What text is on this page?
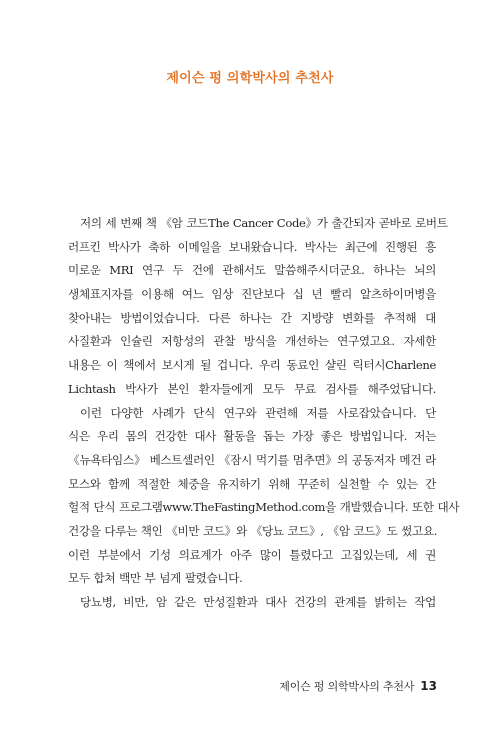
제이슨 펑 의학박사의 추천사
저의 세 번째 책 《암 코드The Cancer Code》가 출간되자 곧바로 로버트
러프킨 박사가 축하 이메일을 보내왔습니다. 박사는 최근에 진행된 흥
미로운 MRI 연구 두 건에 관해서도 말씀해주시더군요. 하나는 뇌의
생체표지자를 이용해 여느 임상 진단보다 십 년 빨리 알츠하이머병을
찾아내는 방법이었습니다. 다른 하나는 간 지방량 변화를 추적해 대
사질환과 인슐린 저항성의 관찰 방식을 개선하는 연구였고요. 자세한
내용은 이 책에서 보시게 될 겁니다. 우리 동료인 샬린 릭터시Charlene
Lichtash 박사가 본인 환자들에게 모두 무료 검사를 해주었답니다.
이런 다양한 사례가 단식 연구와 관련해 저를 사로잡았습니다. 단
식은 우리 몸의 건강한 대사 활동을 돕는 가장 좋은 방법입니다. 저는
《뉴욕타임스》 베스트셀러인 《잠시 먹기를 멈추면》의 공동저자 메건 라
모스와 함께 적절한 체중을 유지하기 위해 꾸준히 실천할 수 있는 간
헐적 단식 프로그램www.TheFastingMethod.com을 개발했습니다. 또한 대사
건강을 다루는 책인 《비만 코드》와 《당뇨 코드》, 《암 코드》도 썼고요.
이런 부분에서 기성 의료계가 아주 많이 틀렸다고 고집있는데, 세 권
모두 합쳐 백만 부 넘게 팔렸습니다.
당뇨병, 비만, 암 같은 만성질환과 대사 건강의 관계를 밝히는 작업
제이슨 펑 의학박사의 추천사 13
